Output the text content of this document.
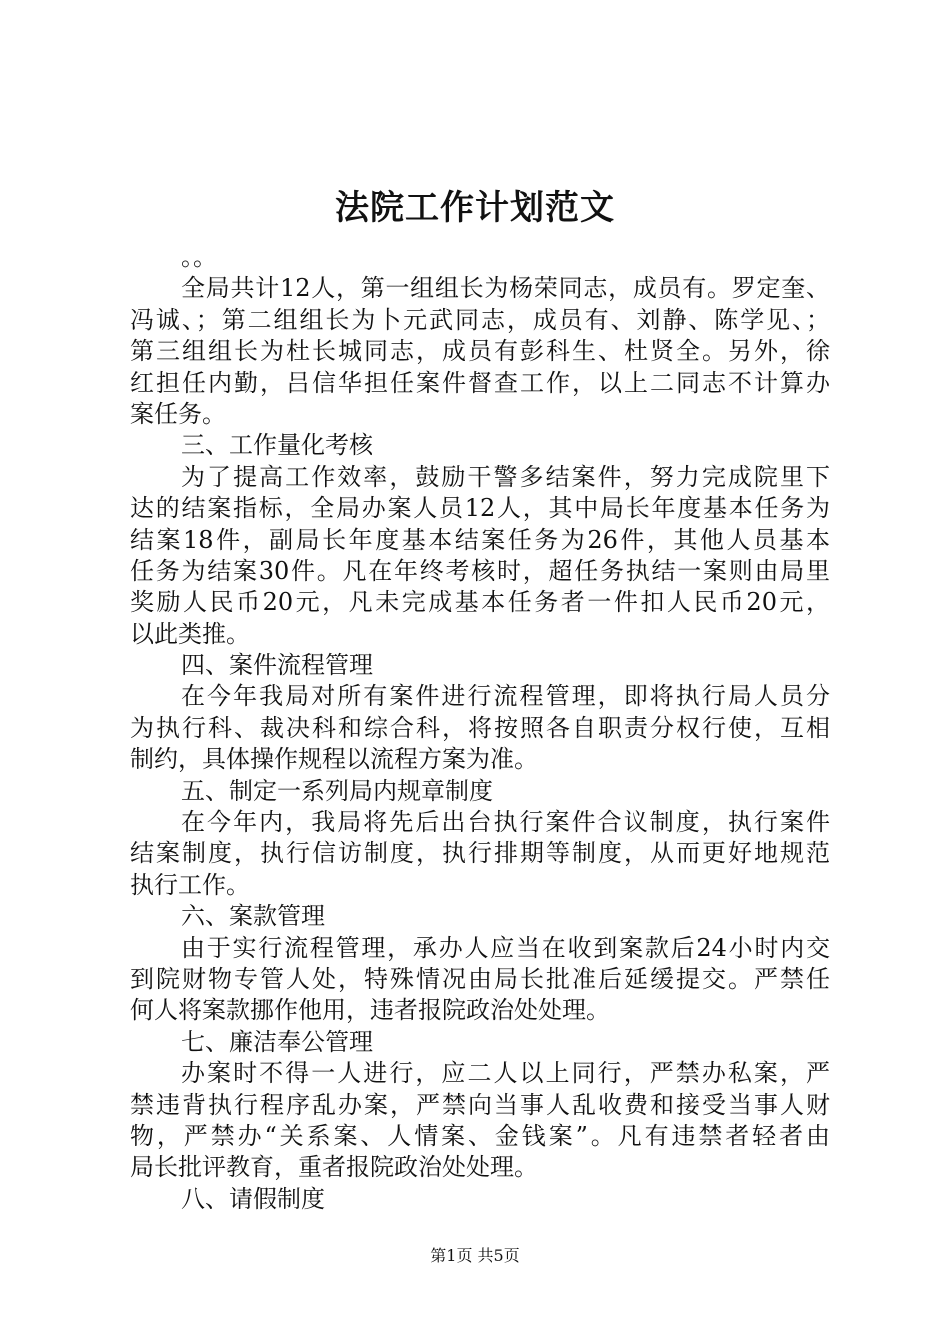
法院工作计划范文
。。
全局共计12人，第一组组长为杨荣同志，成员有。罗定奎、
冯诚、；第二组组长为卜元武同志，成员有、刘静、陈学见、；
第三组组长为杜长城同志，成员有彭科生、杜贤全。另外，徐
红担任内勤，吕信华担任案件督查工作，以上二同志不计算办
案任务。
三、工作量化考核
为了提高工作效率，鼓励干警多结案件，努力完成院里下
达的结案指标，全局办案人员12人，其中局长年度基本任务为
结案18件，副局长年度基本结案任务为26件，其他人员基本
任务为结案30件。凡在年终考核时，超任务执结一案则由局里
奖励人民币20元，凡未完成基本任务者一件扣人民币20元，
以此类推。
四、案件流程管理
在今年我局对所有案件进行流程管理，即将执行局人员分
为执行科、裁决科和综合科，将按照各自职责分权行使，互相
制约，具体操作规程以流程方案为准。
五、制定一系列局内规章制度
在今年内，我局将先后出台执行案件合议制度，执行案件
结案制度，执行信访制度，执行排期等制度，从而更好地规范
执行工作。
六、案款管理
由于实行流程管理，承办人应当在收到案款后24小时内交
到院财物专管人处，特殊情况由局长批准后延缓提交。严禁任
何人将案款挪作他用，违者报院政治处处理。
七、廉洁奉公管理
办案时不得一人进行，应二人以上同行，严禁办私案，严
禁违背执行程序乱办案，严禁向当事人乱收费和接受当事人财
物，严禁办“关系案、人情案、金钱案”。凡有违禁者轻者由
局长批评教育，重者报院政治处处理。
八、请假制度
第1页 共5页
